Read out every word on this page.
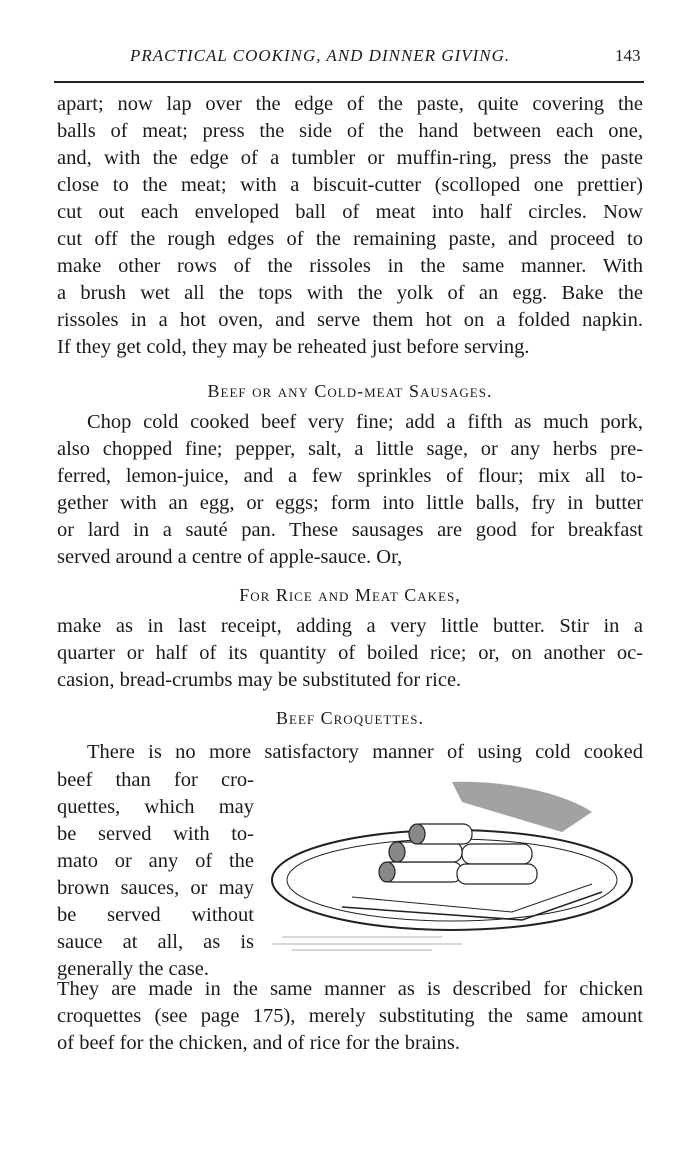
PRACTICAL COOKING, AND DINNER GIVING.	143
apart; now lap over the edge of the paste, quite covering the
balls of meat; press the side of the hand between each one,
and, with the edge of a tumbler or muffin-ring, press the paste
close to the meat; with a biscuit-cutter (scolloped one prettier)
cut out each enveloped ball of meat into half circles. Now
cut off the rough edges of the remaining paste, and proceed to
make other rows of the rissoles in the same manner. With
a brush wet all the tops with the yolk of an egg. Bake the
rissoles in a hot oven, and serve them hot on a folded napkin.
If they get cold, they may be reheated just before serving.
Beef or any Cold-meat Sausages.
Chop cold cooked beef very fine; add a fifth as much pork,
also chopped fine; pepper, salt, a little sage, or any herbs pre-
ferred, lemon-juice, and a few sprinkles of flour; mix all to-
gether with an egg, or eggs; form into little balls, fry in butter
or lard in a sauté pan. These sausages are good for breakfast
served around a centre of apple-sauce. Or,
For Rice and Meat Cakes,
make as in last receipt, adding a very little butter. Stir in a
quarter or half of its quantity of boiled rice; or, on another oc-
casion, bread-crumbs may be substituted for rice.
Beef Croquettes.
There is no more satisfactory manner of using cold cooked
beef than for cro-
quettes, which may
be served with to-
mato or any of the
brown sauces, or may
be served without
sauce at all, as is
generally the case.
They are made in the same manner as is described for chicken
croquettes (see page 175), merely substituting the same amount
of beef for the chicken, and of rice for the brains.
